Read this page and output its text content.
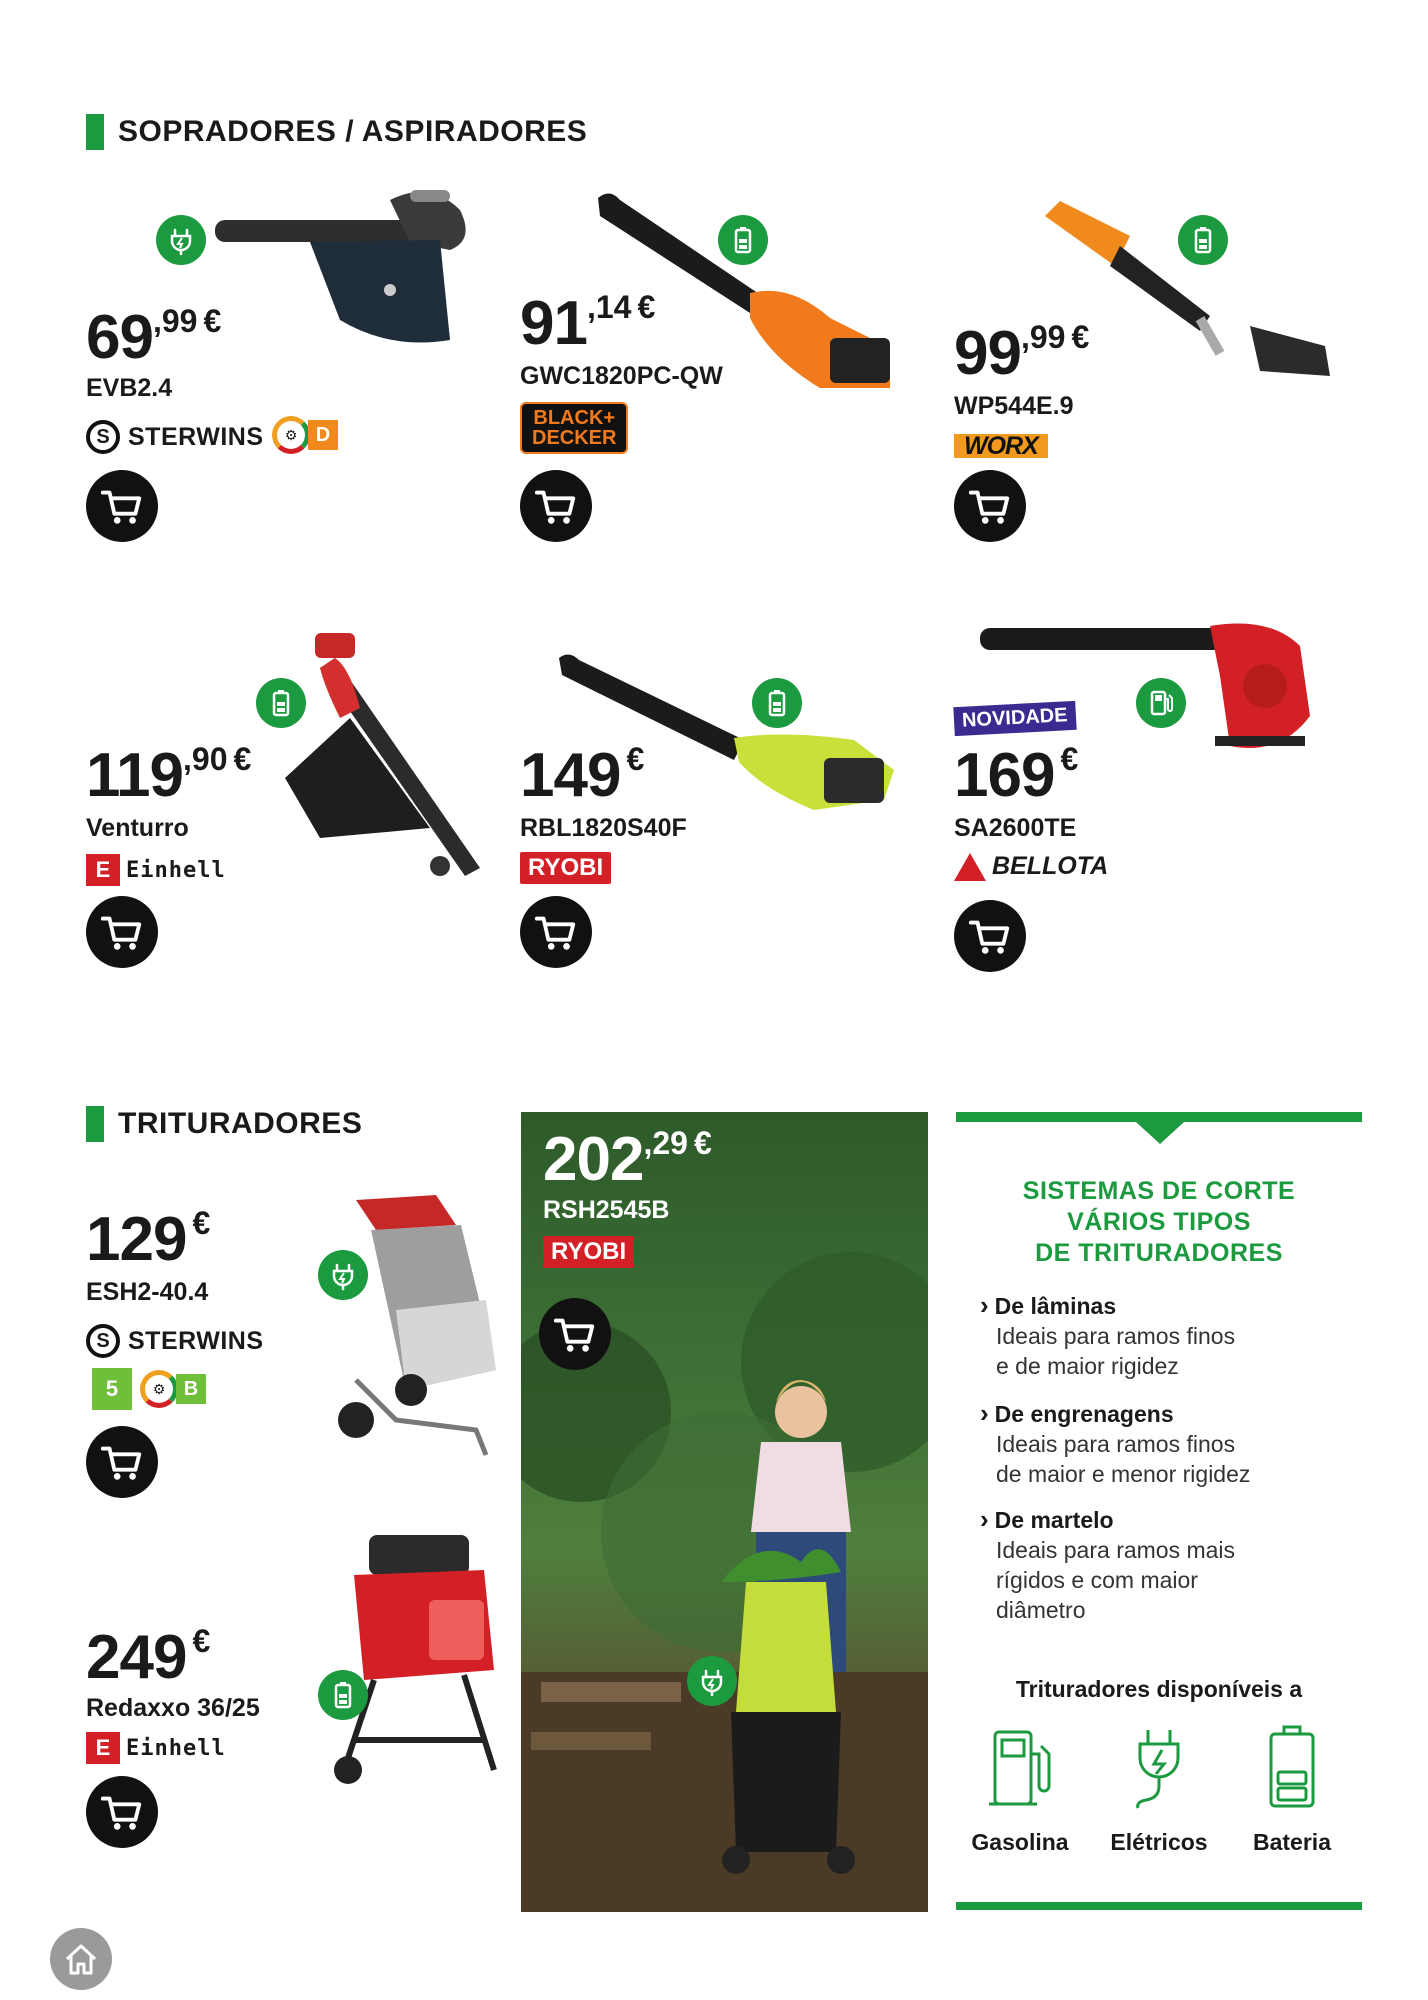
SOPRADORES / ASPIRADORES
69,99 €
EVB2.4
S STERWINS	⚙ D
91,14 €
GWC1820PC-QW
BLACK+
DECKER
99,99 €
WP544E.9
WORX
119,90 €
Venturro
E Einhell
149 €
RBL1820S40F
RYOBI
NOVIDADE
169 €
SA2600TE
BELLOTA
TRITURADORES
129 €
ESH2-40.4
S STERWINS
5	⚙ B
249 €
Redaxxo 36/25
E Einhell
202,29 €
RSH2545B
RYOBI
SISTEMAS DE CORTE
VÁRIOS TIPOS
DE TRITURADORES
› De lâminas
Ideais para ramos finos
e de maior rigidez
› De engrenagens
Ideais para ramos finos
de maior e menor rigidez
› De martelo
Ideais para ramos mais
rígidos e com maior
diâmetro
Trituradores disponíveis a
Gasolina	Elétricos	Bateria
